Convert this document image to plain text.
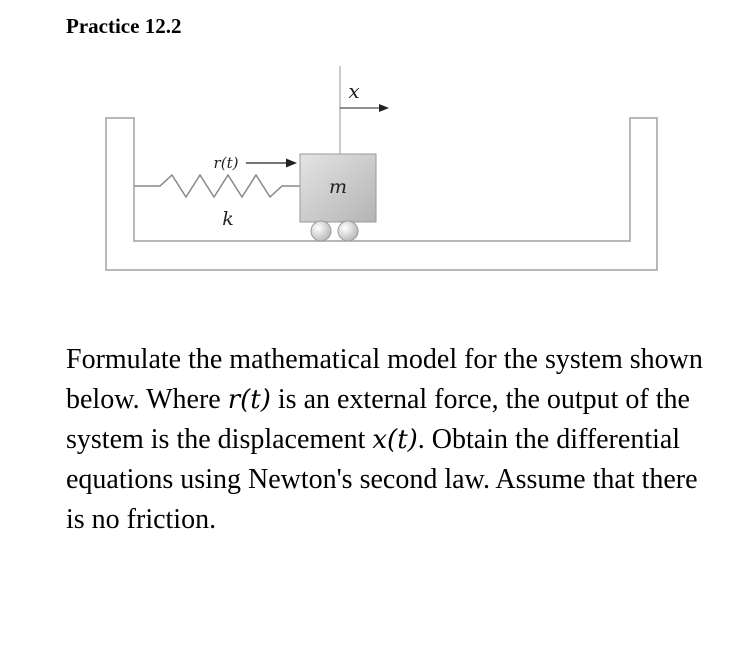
Practice 12.2
m
x
r(t)
k
Formulate the mathematical model for the system shown below. Where r(t) is an external force, the output of the system is the displacement x(t). Obtain the differential equations using Newton's second law. Assume that there is no friction.
